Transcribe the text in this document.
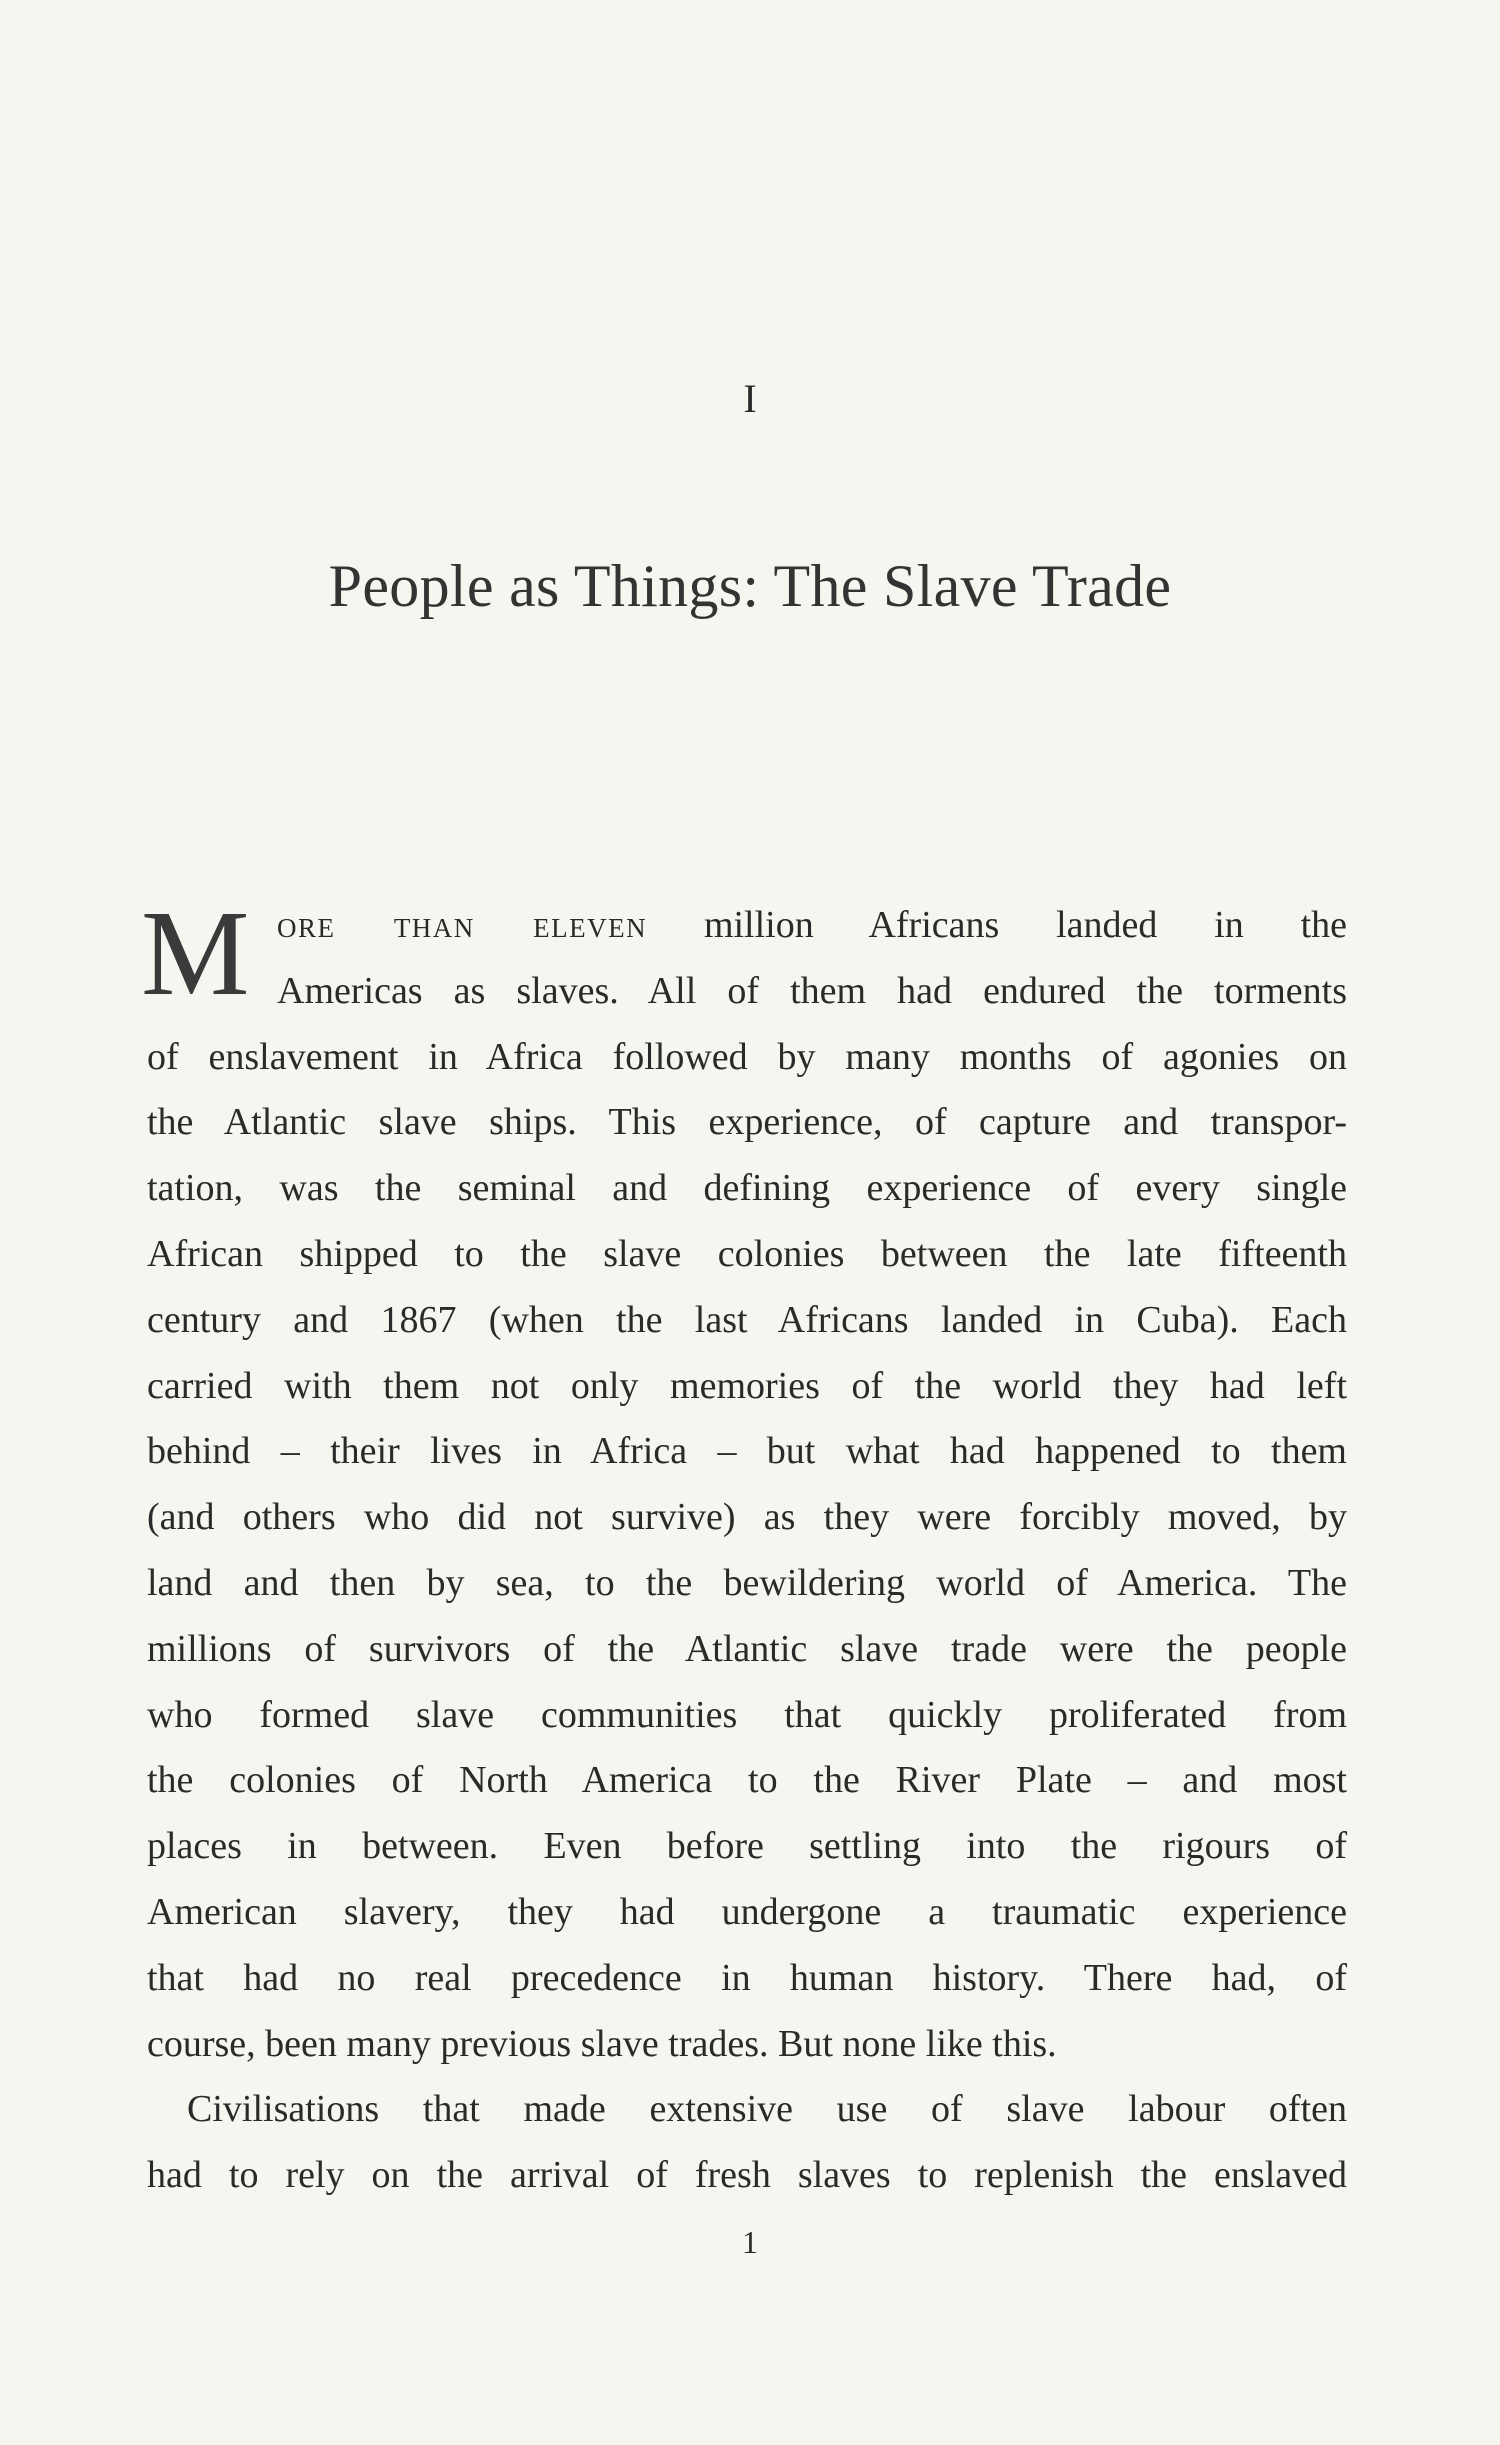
I
People as Things: The Slave Trade
M ore than eleven million Africans landed in the
Americas as slaves. All of them had endured the torments
of enslavement in Africa followed by many months of agonies on
the Atlantic slave ships. This experience, of capture and transpor-
tation, was the seminal and defining experience of every single
African shipped to the slave colonies between the late fifteenth
century and 1867 (when the last Africans landed in Cuba). Each
carried with them not only memories of the world they had left
behind – their lives in Africa – but what had happened to them
(and others who did not survive) as they were forcibly moved, by
land and then by sea, to the bewildering world of America. The
millions of survivors of the Atlantic slave trade were the people
who formed slave communities that quickly proliferated from
the colonies of North America to the River Plate – and most
places in between. Even before settling into the rigours of
American slavery, they had undergone a traumatic experience
that had no real precedence in human history. There had, of
course, been many previous slave trades. But none like this.
Civilisations that made extensive use of slave labour often
had to rely on the arrival of fresh slaves to replenish the enslaved
1
